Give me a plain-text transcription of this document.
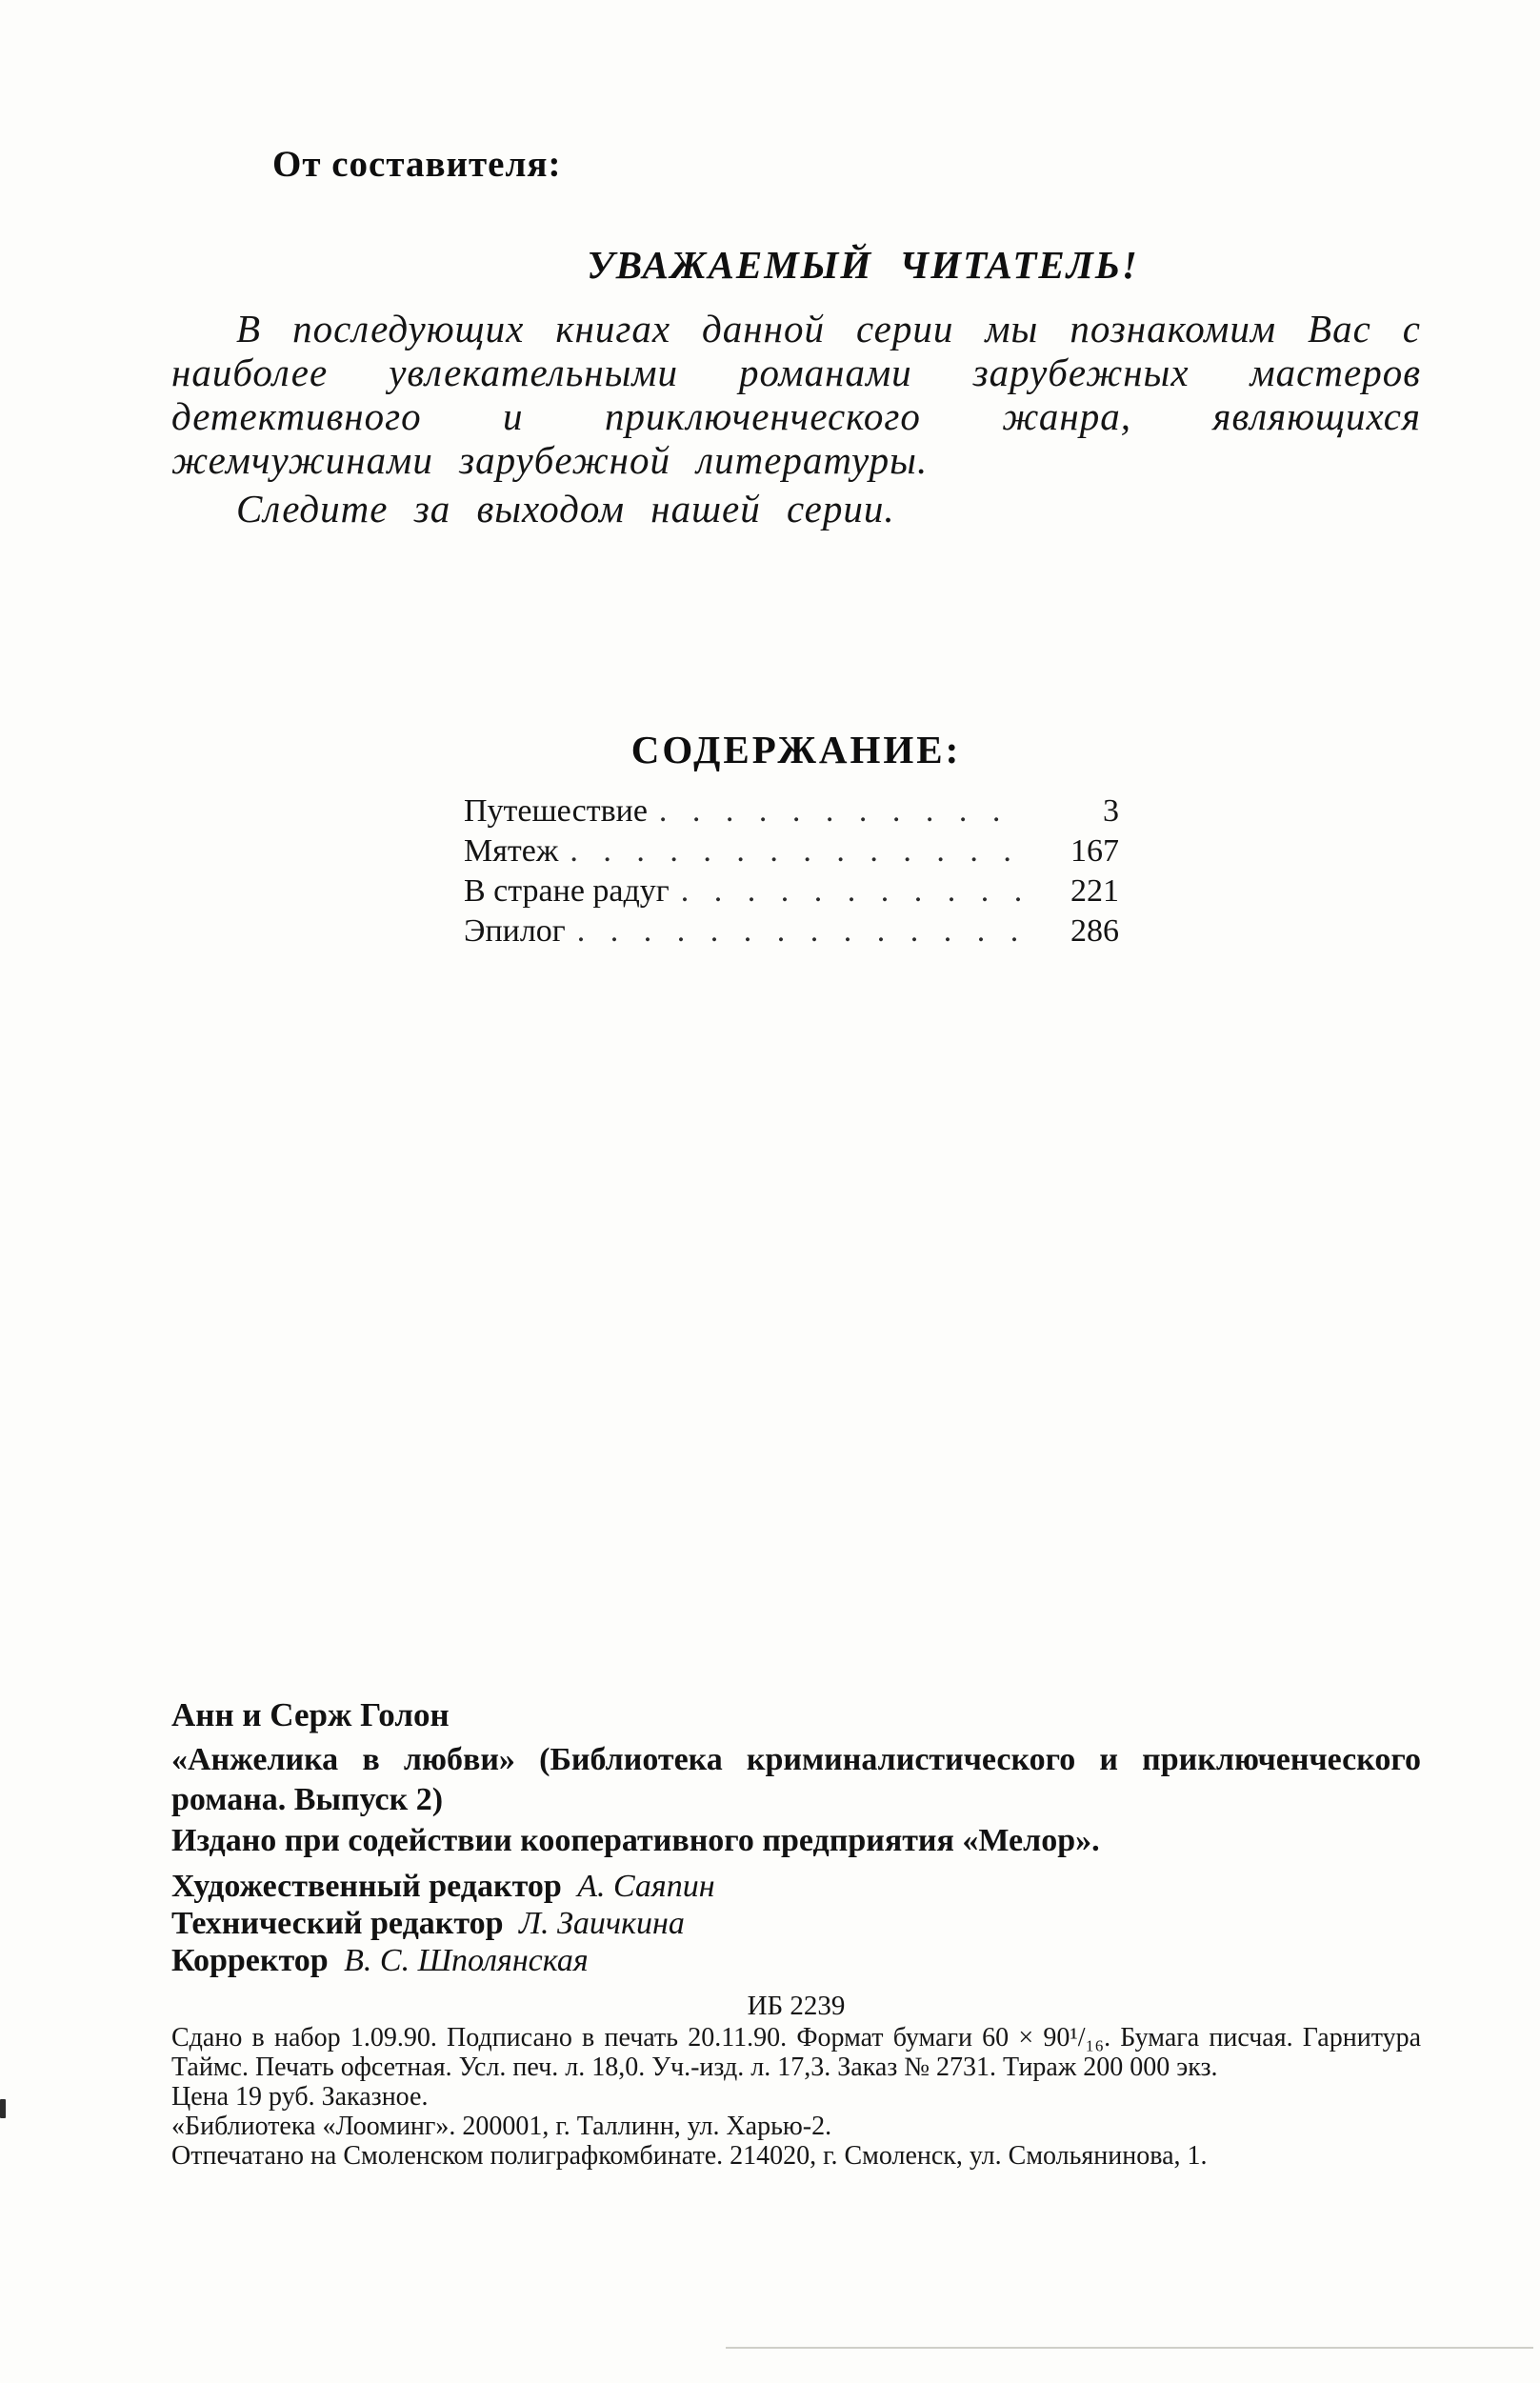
От составителя:

УВАЖАЕМЫЙ ЧИТАТЕЛЬ!

В последующих книгах данной серии мы познакомим Вас с наиболее увлекательными романами зарубежных мастеров детективного и приключенческого жанра, являющихся жемчужинами зарубежной литературы.

Следите за выходом нашей серии.

СОДЕРЖАНИЕ:
Путешествие . . .	3
Мятеж . . .	167
В стране радуг . . .	221
Эпилог . . .	286

Анн и Серж Голон

«Анжелика в любви» (Библиотека криминалистического и приключенческого романа. Выпуск 2)

Издано при содействии кооперативного предприятия «Мелор».

Художественный редактор А. Саяпин

Технический редактор Л. Заичкина

Корректор В. С. Шполянская

ИБ 2239

Сдано в набор 1.09.90. Подписано в печать 20.11.90. Формат бумаги 60 × 90¹/₁₆. Бумага писчая. Гарнитура Таймс. Печать офсетная. Усл. печ. л. 18,0. Уч.-изд. л. 17,3. Заказ № 2731. Тираж 200 000 экз.

Цена 19 руб. Заказное.

«Библиотека «Лооминг». 200001, г. Таллинн, ул. Харью-2.

Отпечатано на Смоленском полиграфкомбинате. 214020, г. Смоленск, ул. Смольянинова, 1.
